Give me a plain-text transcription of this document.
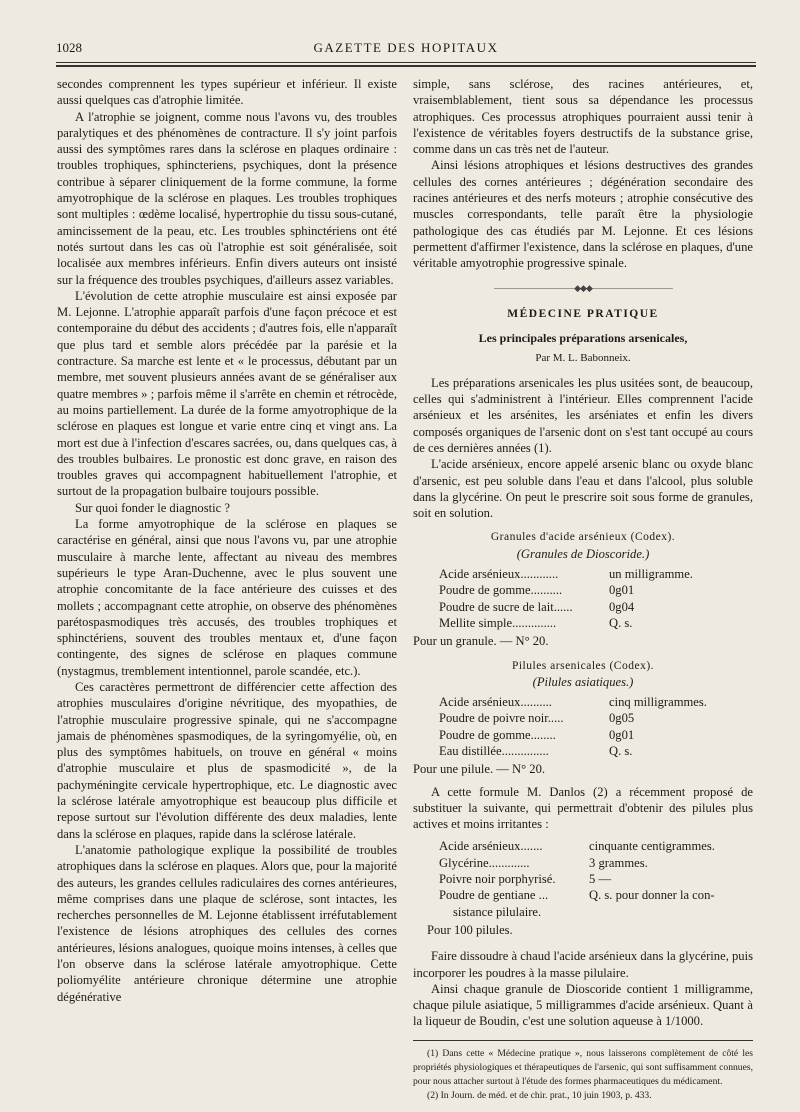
1028	GAZETTE DES HOPITAUX

secondes comprennent les types supérieur et inférieur. Il existe aussi quelques cas d'atrophie limitée.

A l'atrophie se joignent, comme nous l'avons vu, des troubles paralytiques et des phénomènes de contracture. Il s'y joint parfois aussi des symptômes rares dans la sclérose en plaques ordinaire : troubles trophiques, sphincteriens, psychiques, dont la présence contribue à séparer cliniquement de la forme commune, la forme amyotrophique de la sclérose en plaques. Les troubles trophiques sont multiples : œdème localisé, hypertrophie du tissu sous-cutané, amincissement de la peau, etc. Les troubles sphinctériens ont été notés surtout dans les cas où l'atrophie est soit généralisée, soit localisée aux membres inférieurs. Enfin divers auteurs ont insisté sur la fréquence des troubles psychiques, d'ailleurs assez variables.

L'évolution de cette atrophie musculaire est ainsi exposée par M. Lejonne. L'atrophie apparaît parfois d'une façon précoce et est contemporaine du début des accidents ; d'autres fois, elle n'apparaît que plus tard et semble alors précédée par la parésie et la contracture. Sa marche est lente et « le processus, débutant par un membre, met souvent plusieurs années avant de se généraliser aux quatre membres » ; parfois même il s'arrête en chemin et rétrocède, au moins partiellement. La durée de la forme amyotrophique de la sclérose en plaques est longue et varie entre cinq et vingt ans. La mort est due à l'infection d'escares sacrées, ou, dans quelques cas, à des troubles bulbaires. Le pronostic est donc grave, en raison des troubles graves qui accompagnent habituellement l'atrophie, et surtout de la propagation bulbaire toujours possible.

Sur quoi fonder le diagnostic ?

La forme amyotrophique de la sclérose en plaques se caractérise en général, ainsi que nous l'avons vu, par une atrophie musculaire à marche lente, affectant au niveau des membres supérieurs le type Aran-Duchenne, avec le plus souvent une atrophie concomitante de la face antérieure des cuisses et des mollets ; accompagnant cette atrophie, on observe des phénomènes parétospasmodiques très accusés, des troubles trophiques et sphinctériens, souvent des troubles mentaux et, d'une façon contingente, des signes de sclérose en plaques commune (nystagmus, tremblement intentionnel, parole scandée, etc.).

Ces caractères permettront de différencier cette affection des atrophies musculaires d'origine névritique, des myopathies, de l'atrophie musculaire progressive spinale, qui ne s'accompagne jamais de phénomènes spasmodiques, de la syringomyélie, où, en plus des symptômes habituels, on trouve en général « moins d'atrophie musculaire et plus de spasmodicité », de la pachyméningite cervicale hypertrophique, etc. Le diagnostic avec la sclérose latérale amyotrophique est beaucoup plus difficile et repose surtout sur l'évolution différente des deux maladies, lente dans la sclérose en plaques, rapide dans la sclérose latérale.

L'anatomie pathologique explique la possibilité de troubles atrophiques dans la sclérose en plaques. Alors que, pour la majorité des auteurs, les grandes cellules radiculaires des cornes antérieures, même comprises dans une plaque de sclérose, sont intactes, les recherches personnelles de M. Lejonne établissent irréfutablement l'existence de lésions atrophiques des cellules des cornes antérieures, lésions analogues, quoique moins intenses, à celles que l'on observe dans la sclérose latérale amyotrophique. Cette poliomyélite antérieure chronique détermine une atrophie dégénérative

simple, sans sclérose, des racines antérieures, et, vraisemblablement, tient sous sa dépendance les processus atrophiques. Ces processus atrophiques pourraient aussi tenir à l'existence de véritables foyers destructifs de la substance grise, comme dans un cas très net de l'auteur.

Ainsi lésions atrophiques et lésions destructives des grandes cellules des cornes antérieures ; dégénération secondaire des racines antérieures et des nerfs moteurs ; atrophie consécutive des muscles correspondants, telle paraît être la physiologie pathologique des cas étudiés par M. Lejonne. Et ces lésions permettent d'affirmer l'existence, dans la sclérose en plaques, d'une véritable amyotrophie progressive spinale.

——————————◆◆◆——————————
MÉDECINE PRATIQUE
Les principales préparations arsenicales,
Par M. L. Babonneix.

Les préparations arsenicales les plus usitées sont, de beaucoup, celles qui s'administrent à l'intérieur. Elles comprennent l'acide arsénieux et les arsénites, les arséniates et enfin les divers composés organiques de l'arsenic dont on s'est tant occupé au cours de ces dernières années (1).

L'acide arsénieux, encore appelé arsenic blanc ou oxyde blanc d'arsenic, est peu soluble dans l'eau et dans l'alcool, plus soluble dans la glycérine. On peut le prescrire soit sous forme de granules, soit en solution.

Granules d'acide arsénieux (Codex).
(Granules de Dioscoride.)
Acide arsénieux............	un milligramme.
Poudre de gomme..........	0g01
Poudre de sucre de lait......	0g04
Mellite simple..............	Q. s.
Pour un granule. — N° 20.
Pilules arsenicales (Codex).
(Pilules asiatiques.)
Acide arsénieux..........	cinq milligrammes.
Poudre de poivre noir.....	0g05
Poudre de gomme........	0g01
Eau distillée...............	Q. s.
Pour une pilule. — N° 20.

A cette formule M. Danlos (2) a récemment proposé de substituer la suivante, qui permettrait d'obtenir des pilules plus actives et moins irritantes :

Acide arsénieux.......	cinquante centigrammes.
Glycérine.............	3 grammes.
Poivre noir porphyrisé.	5 —
Poudre de gentiane ...	Q. s. pour donner la con-
sistance pilulaire.
Pour 100 pilules.

Faire dissoudre à chaud l'acide arsénieux dans la glycérine, puis incorporer les poudres à la masse pilulaire.

Ainsi chaque granule de Dioscoride contient 1 milligramme, chaque pilule asiatique, 5 milligrammes d'acide arsénieux. Quant à la liqueur de Boudin, c'est une solution aqueuse à 1/1000.

(1) Dans cette « Médecine pratique », nous laisserons complètement de côté les propriétés physiologiques et thérapeutiques de l'arsenic, qui sont suffisamment connues, pour nous attacher surtout à l'étude des formes pharmaceutiques du médicament.

(2) In Journ. de méd. et de chir. prat., 10 juin 1903, p. 433.
